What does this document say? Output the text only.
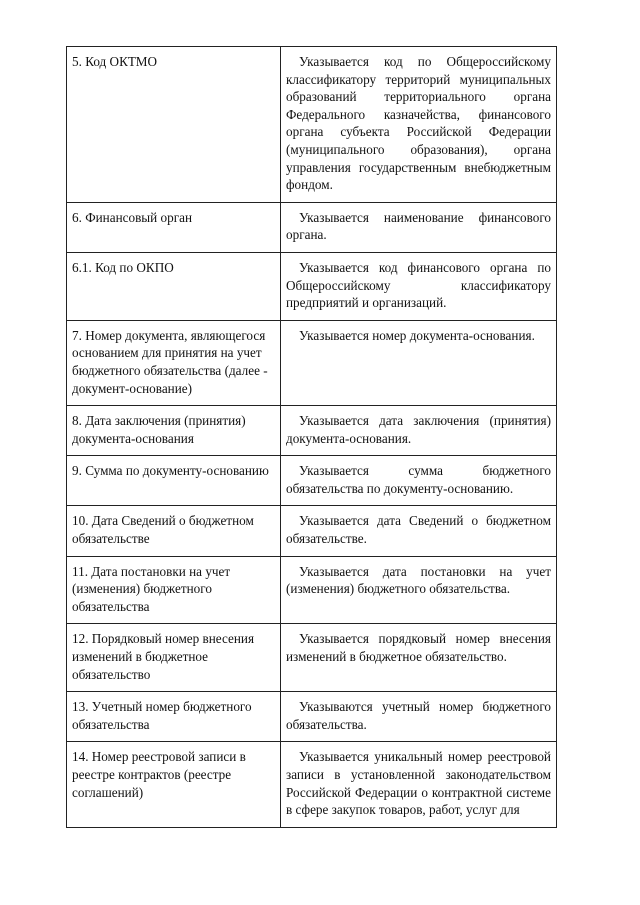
5. Код ОКТМО	Указывается код по Общероссийскому классификатору территорий муниципальных образований территориального органа Федерального казначейства, финансового органа субъекта Российской Федерации (муниципального образования), органа управления государственным внебюджетным фондом.
6. Финансовый орган	Указывается наименование финансового органа.
6.1. Код по ОКПО	Указывается код финансового органа по Общероссийскому классификатору предприятий и организаций.
7. Номер документа, являющегося основанием для принятия на учет бюджетного обязательства (далее - документ-основание)	Указывается номер документа-основания.
8. Дата заключения (принятия) документа-основания	Указывается дата заключения (принятия) документа-основания.
9. Сумма по документу-основанию	Указывается сумма бюджетного обязательства по документу-основанию.
10. Дата Сведений о бюджетном обязательстве	Указывается дата Сведений о бюджетном обязательстве.
11. Дата постановки на учет (изменения) бюджетного обязательства	Указывается дата постановки на учет (изменения) бюджетного обязательства.
12. Порядковый номер внесения изменений в бюджетное обязательство	Указывается порядковый номер внесения изменений в бюджетное обязательство.
13. Учетный номер бюджетного обязательства	Указываются учетный номер бюджетного обязательства.
14. Номер реестровой записи в реестре контрактов (реестре соглашений)	Указывается уникальный номер реестровой записи в установленной законодательством Российской Федерации о контрактной системе в сфере закупок товаров, работ, услуг для
